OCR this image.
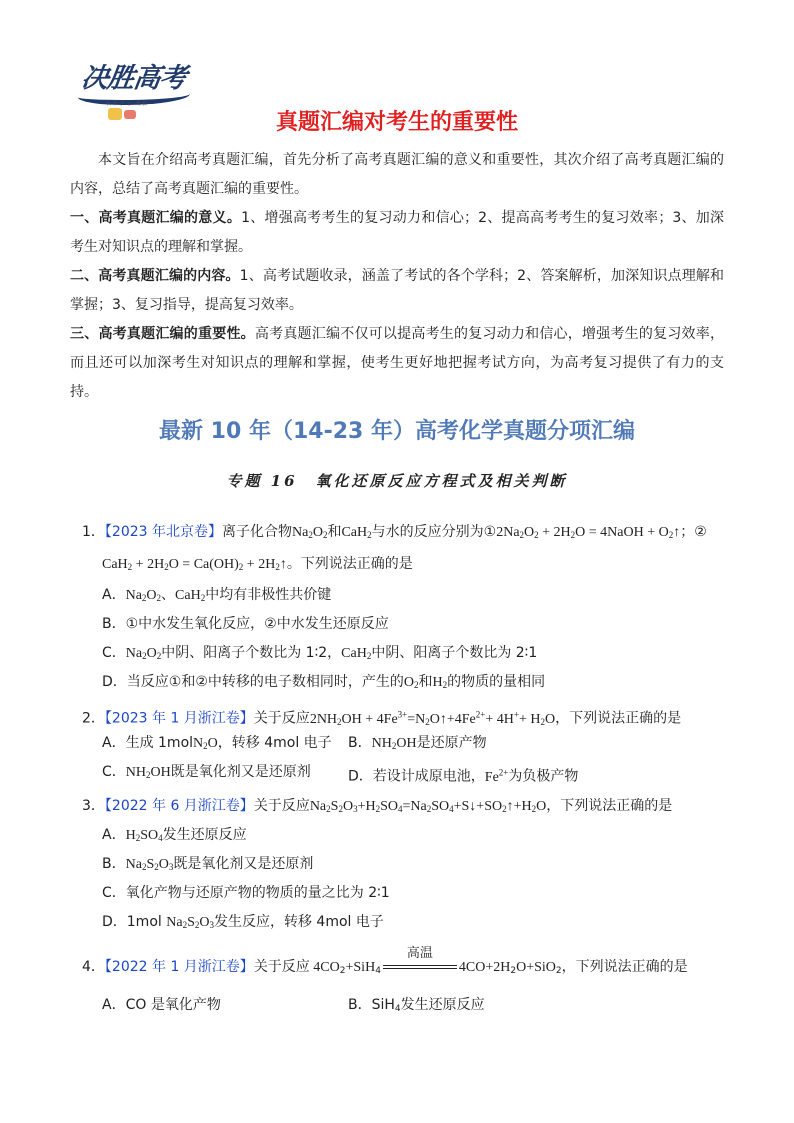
决胜高考
快 乐 学 习 · 成 长
真题汇编对考生的重要性
本文旨在介绍高考真题汇编，首先分析了高考真题汇编的意义和重要性，其次介绍了高考真题汇编的内容，总结了高考真题汇编的重要性。
一、高考真题汇编的意义。1、增强高考考生的复习动力和信心；2、提高高考考生的复习效率；3、加深考生对知识点的理解和掌握。
二、高考真题汇编的内容。1、高考试题收录，涵盖了考试的各个学科；2、答案解析，加深知识点理解和掌握；3、复习指导，提高复习效率。
三、高考真题汇编的重要性。高考真题汇编不仅可以提高考生的复习动力和信心，增强考生的复习效率，而且还可以加深考生对知识点的理解和掌握，使考生更好地把握考试方向，为高考复习提供了有力的支持。
最新 10 年（14-23 年）高考化学真题分项汇编
专题 16　氧化还原反应方程式及相关判断
1．【2023 年北京卷】离子化合物$Na_2O_2$和CaH$_2$与水的反应分别为$①2Na_2O_2 + 2H_2O$ = 4NaOH + $O_2↑$；②
$CaH_2 + 2H_2O = Ca(OH)_2$ + $2H_2↑$。下列说法正确的是
A．$Na_2O_2$、CaH$_2$中均有非极性共价键
B．①中水发生氧化反应，②中水发生还原反应
C．$Na_2O_2$中阴、阳离子个数比为 1∶2，CaH$_2$中阴、阳离子个数比为 2∶1
D．当反应①和②中转移的电子数相同时，产生的$O_2$和$H_2$的物质的量相同
2．【2023 年 1 月浙江卷】关于反应$2NH_2OH$ + $4Fe^{3+}=N_2O↑+4Fe^{2+}+ 4H^++ H_2O$，下列说法正确的是
A．生成 1molN$_2$O，转移 4mol 电子 B．$NH_2OH$是还原产物
C．$NH_2OH$既是氧化剂又是还原剂	D．若设计成原电池，$Fe^{2+}$为负极产物
3．【2022 年 6 月浙江卷】关于反应$Na_2S_2O_3+H_2SO_4=Na_2SO_4+S↓+SO_2↑+H_2O$，下列说法正确的是
A．$H_2SO_4$发生还原反应
B．$Na_2S_2O_3$既是氧化剂又是还原剂
C．氧化产物与还原产物的物质的量之比为 2∶1
D．1mol $Na_2S_2O_3$发生反应，转移 4mol 电子
4．【2022 年 1 月浙江卷】关于反应 $4CO_2+SiH_4$
高温
$4CO+2H_2O+SiO_2$，下列说法正确的是
A．CO 是氧化产物	B．SiH$_4$发生还原反应
